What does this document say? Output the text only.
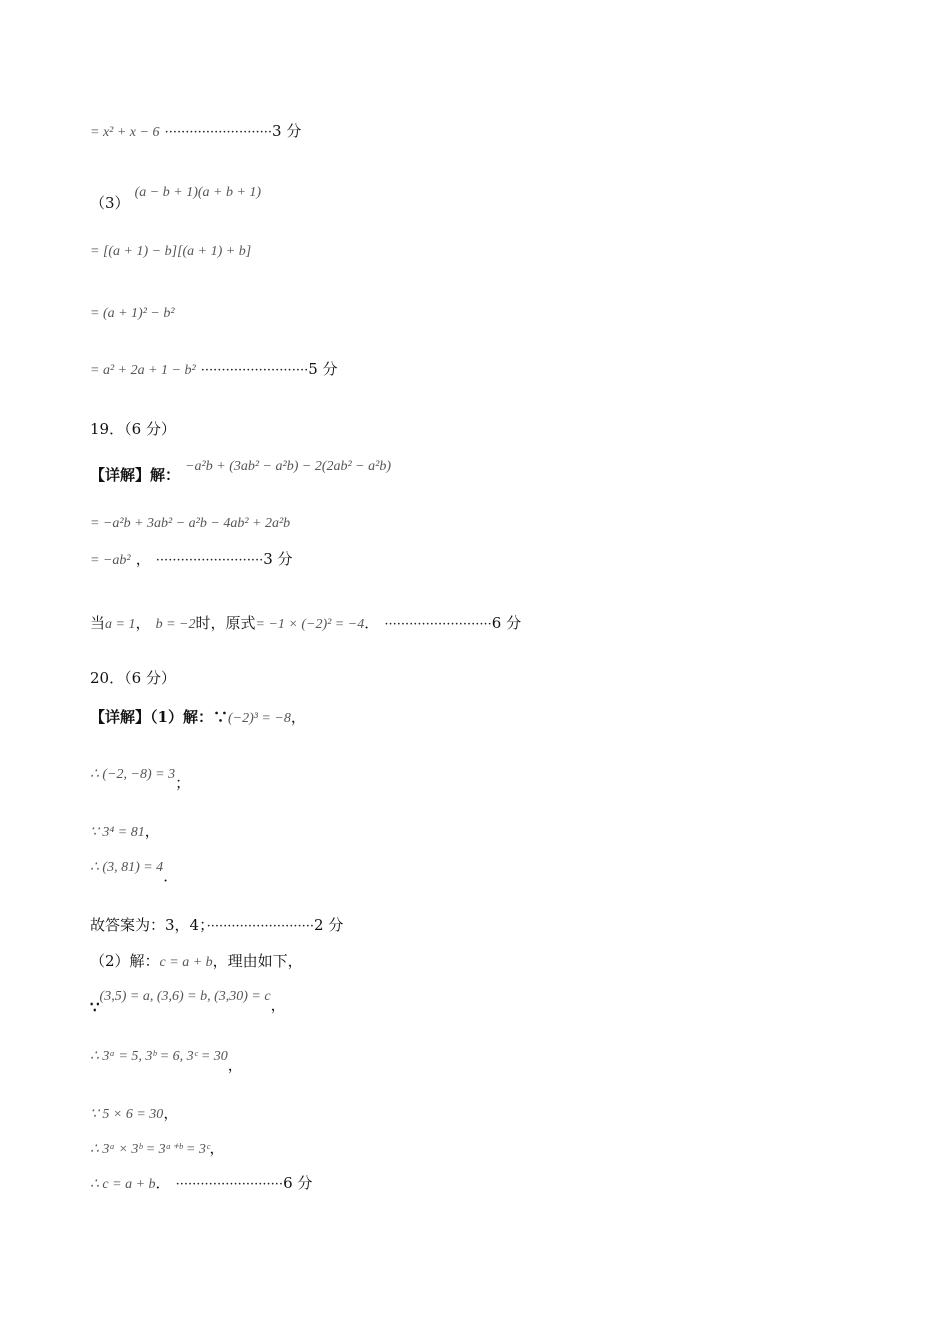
= x² + x − 6 ··························3 分
（3） (a − b + 1)(a + b + 1)
= [(a + 1) − b][(a + 1) + b]
= (a + 1)² − b²
= a² + 2a + 1 − b² ··························5 分
19．（6 分）
【详解】解： −a²b + (3ab² − a²b) − 2(2ab² − a²b)
= −a²b + 3ab² − a²b − 4ab² + 2a²b
= −ab² ， ··························3 分
当a = 1， b = −2时，原式= −1 × (−2)² = −4． ··························6 分
20．（6 分）
【详解】（1）解：∵(−2)³ = −8，
∴ (−2, −8) = 3；
∵ 3⁴ = 81，
∴ (3, 81) = 4．
故答案为：3，4；··························2 分
（2）解：c = a + b，理由如下，
∵(3,5) = a, (3,6) = b, (3,30) = c，
∴ 3ᵃ = 5, 3ᵇ = 6, 3ᶜ = 30，
∵ 5 × 6 = 30，
∴ 3ᵃ × 3ᵇ = 3ᵃ⁺ᵇ = 3ᶜ，
∴ c = a + b． ··························6 分
